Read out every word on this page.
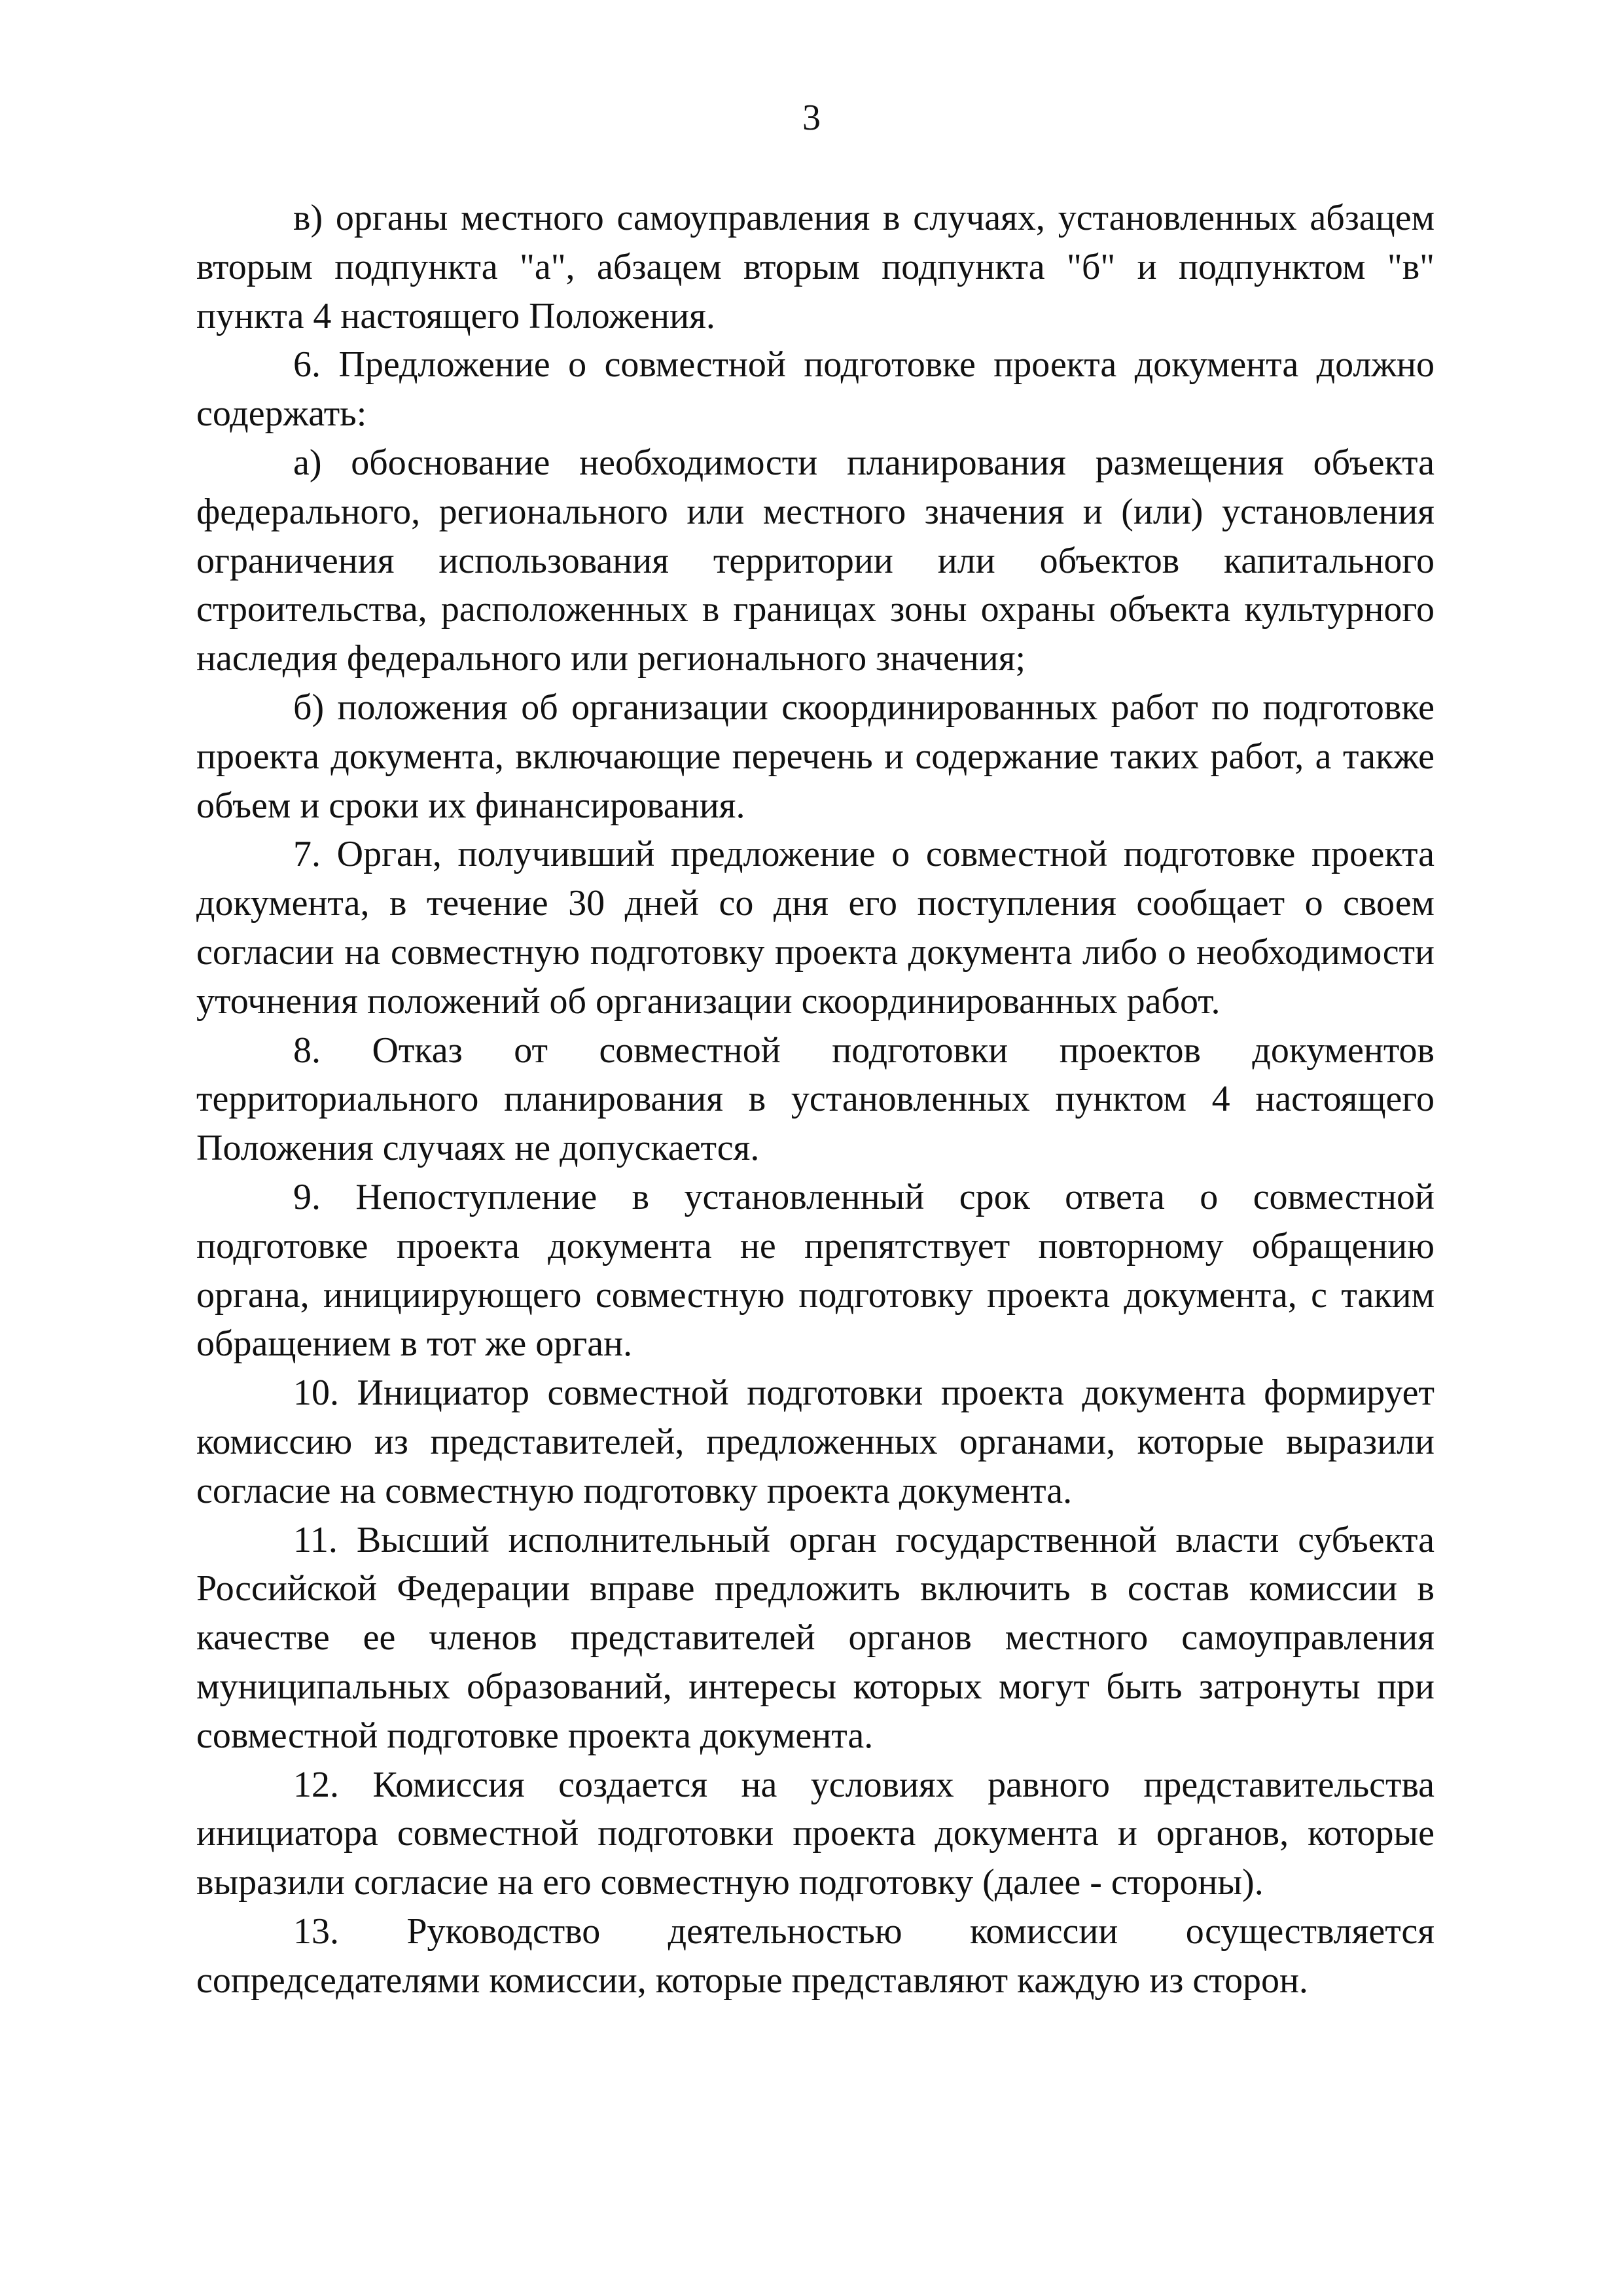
3

в) органы местного самоуправления в случаях, установленных абзацем вторым подпункта "а", абзацем вторым подпункта "б" и подпунктом "в" пункта 4 настоящего Положения.

6. Предложение о совместной подготовке проекта документа должно содержать:

а) обоснование необходимости планирования размещения объекта федерального, регионального или местного значения и (или) установления ограничения использования территории или объектов капитального строительства, расположенных в границах зоны охраны объекта культурного наследия федерального или регионального значения;

б) положения об организации скоординированных работ по подготовке проекта документа, включающие перечень и содержание таких работ, а также объем и сроки их финансирования.

7. Орган, получивший предложение о совместной подготовке проекта документа, в течение 30 дней со дня его поступления сообщает о своем согласии на совместную подготовку проекта документа либо о необходимости уточнения положений об организации скоординированных работ.

8. Отказ от совместной подготовки проектов документов территориального планирования в установленных пунктом 4 настоящего Положения случаях не допускается.

9. Непоступление в установленный срок ответа о совместной подготовке проекта документа не препятствует повторному обращению органа, инициирующего совместную подготовку проекта документа, с таким обращением в тот же орган.

10. Инициатор совместной подготовки проекта документа формирует комиссию из представителей, предложенных органами, которые выразили согласие на совместную подготовку проекта документа.

11. Высший исполнительный орган государственной власти субъекта Российской Федерации вправе предложить включить в состав комиссии в качестве ее членов представителей органов местного самоуправления муниципальных образований, интересы которых могут быть затронуты при совместной подготовке проекта документа.

12. Комиссия создается на условиях равного представительства инициатора совместной подготовки проекта документа и органов, которые выразили согласие на его совместную подготовку (далее - стороны).

13. Руководство деятельностью комиссии осуществляется сопредседателями комиссии, которые представляют каждую из сторон.
